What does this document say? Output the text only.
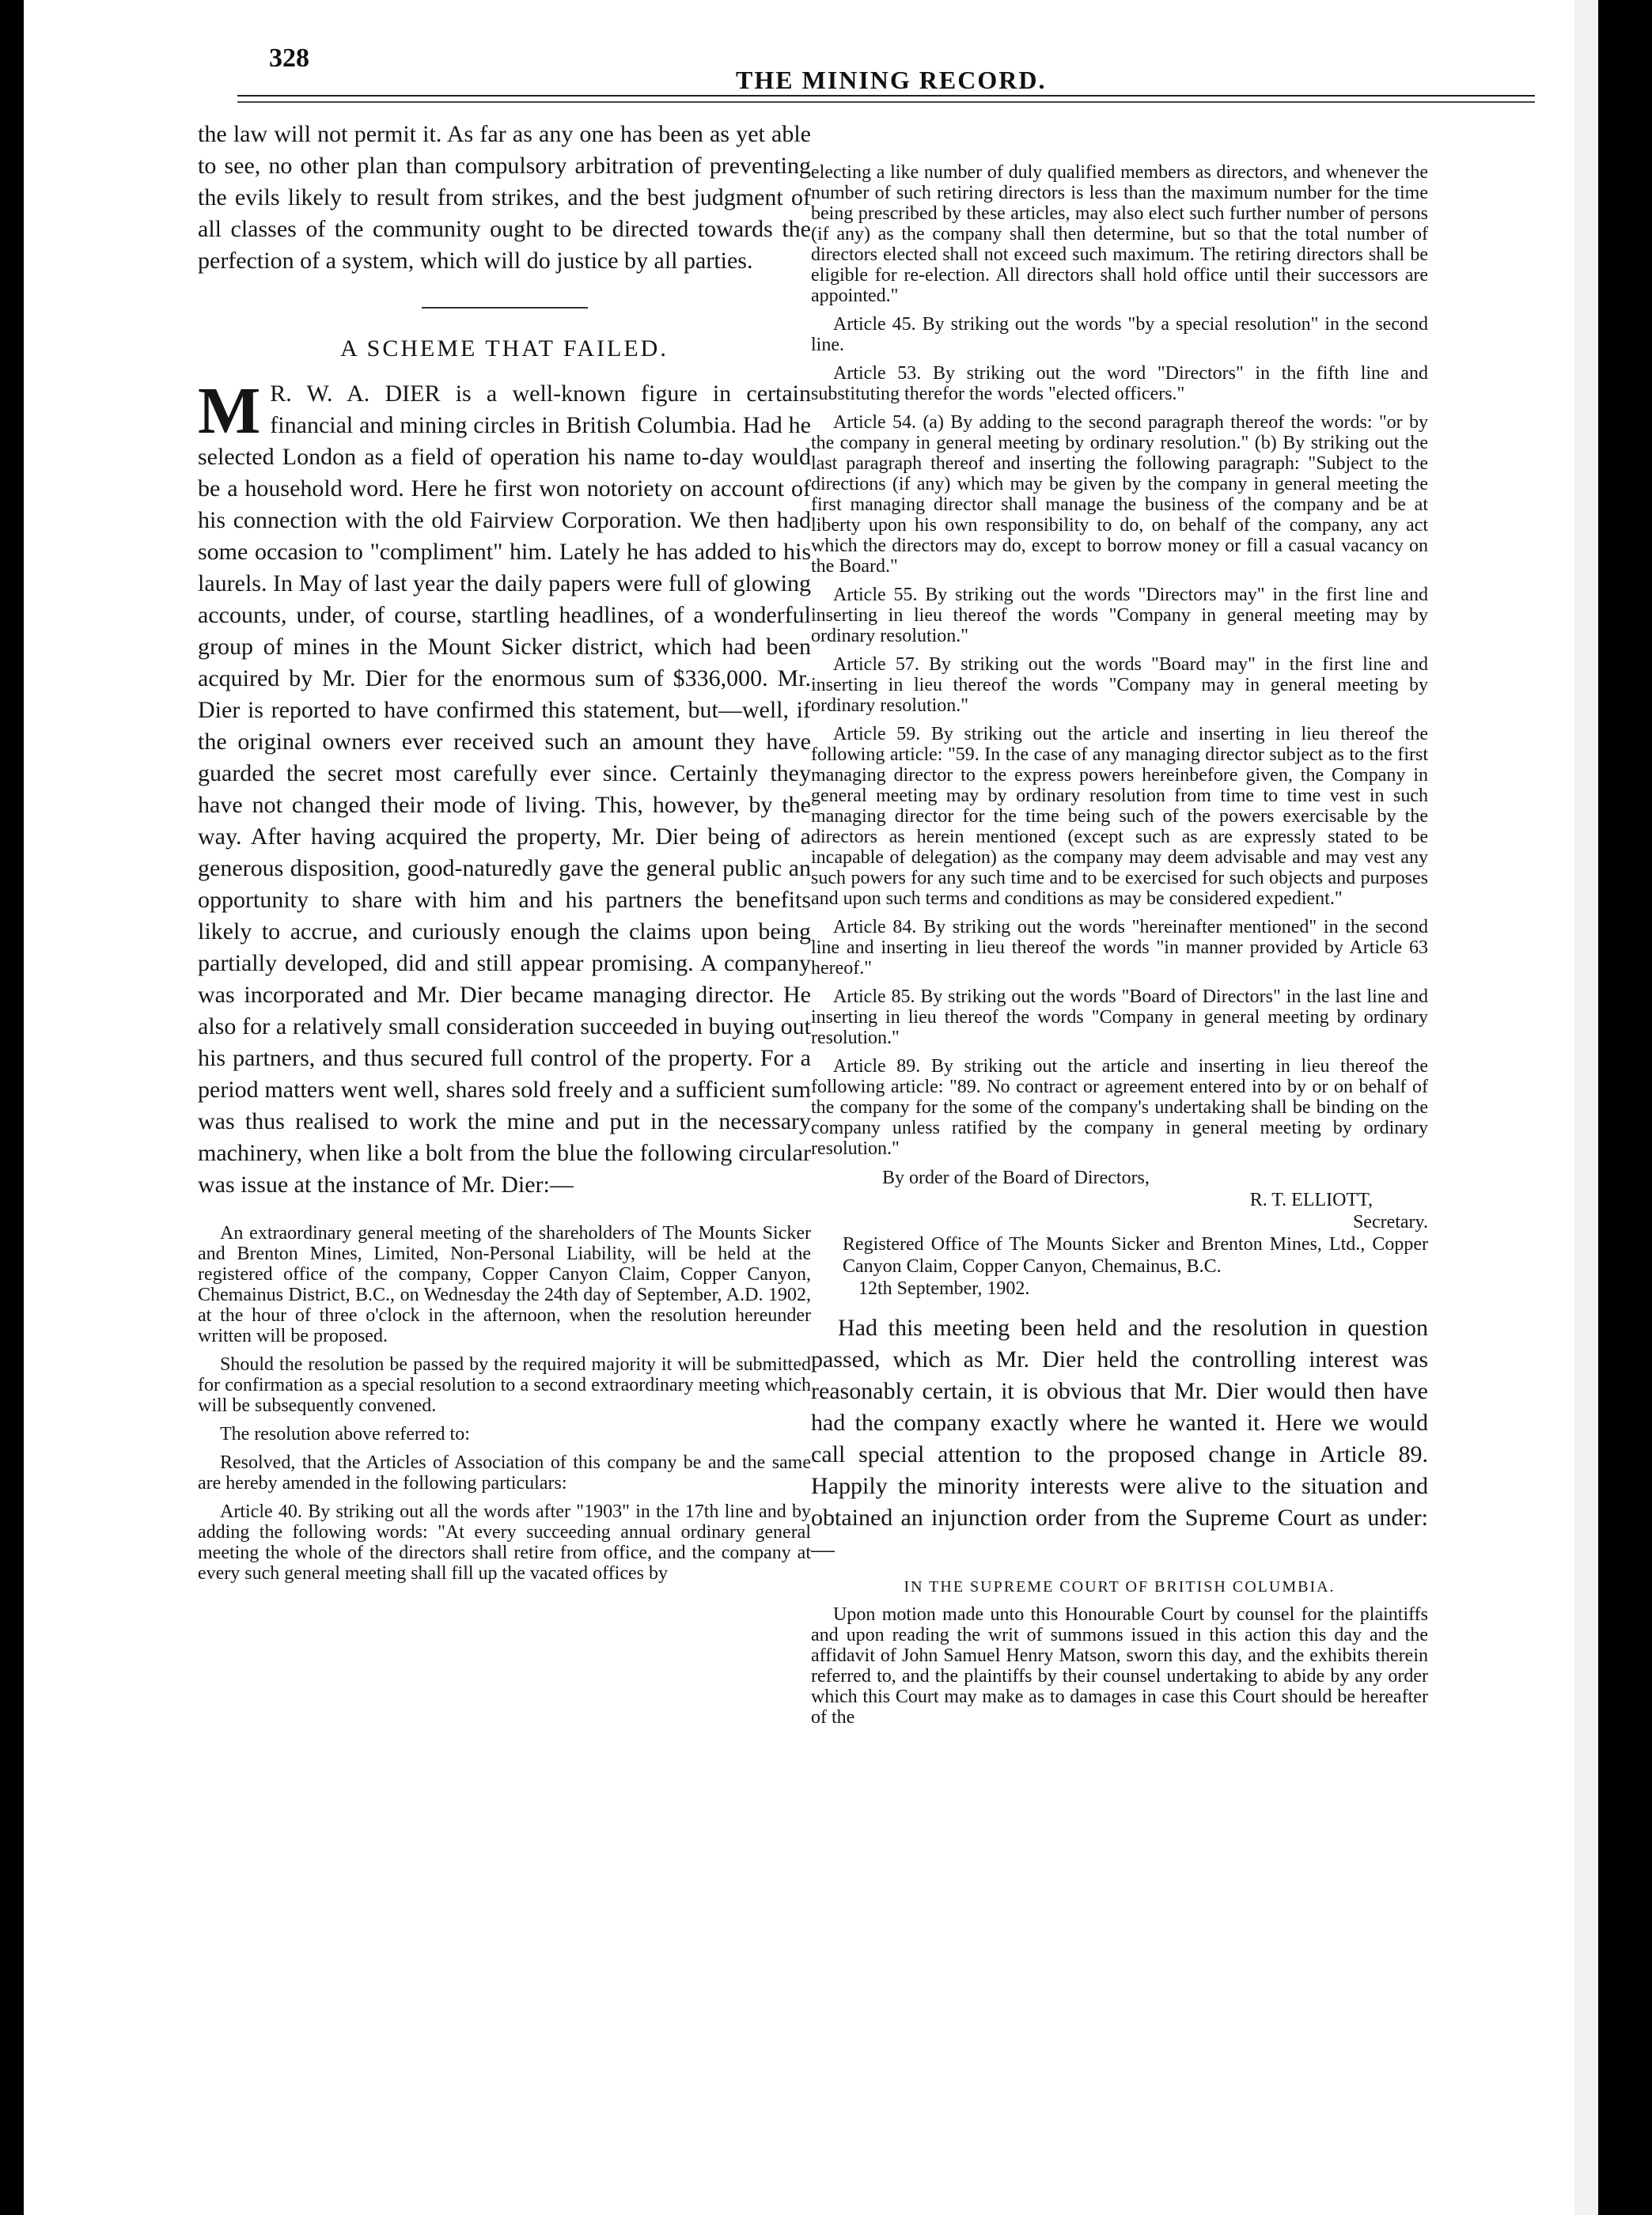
328
THE MINING RECORD.

the law will not permit it. As far as any one has been as yet able to see, no other plan than compulsory arbitration of preventing the evils likely to result from strikes, and the best judgment of all classes of the community ought to be directed towards the perfection of a system, which will do justice by all parties.

A SCHEME THAT FAILED.
M R. W. A. DIER is a well-known figure in certain financial and mining circles in British Columbia. Had he selected London as a field of operation his name to-day would be a household word. Here he first won notoriety on account of his connection with the old Fairview Corporation. We then had some occasion to "compliment" him. Lately he has added to his laurels. In May of last year the daily papers were full of glowing accounts, under, of course, startling headlines, of a wonderful group of mines in the Mount Sicker district, which had been acquired by Mr. Dier for the enormous sum of $336,000. Mr. Dier is reported to have confirmed this statement, but—well, if the original owners ever received such an amount they have guarded the secret most carefully ever since. Certainly they have not changed their mode of living. This, however, by the way. After having acquired the property, Mr. Dier being of a generous disposition, good-naturedly gave the general public an opportunity to share with him and his partners the benefits likely to accrue, and curiously enough the claims upon being partially developed, did and still appear promising. A company was incorporated and Mr. Dier became managing director. He also for a relatively small consideration succeeded in buying out his partners, and thus secured full control of the property. For a period matters went well, shares sold freely and a sufficient sum was thus realised to work the mine and put in the necessary machinery, when like a bolt from the blue the following circular was issue at the instance of Mr. Dier:—

An extraordinary general meeting of the shareholders of The Mounts Sicker and Brenton Mines, Limited, Non-Personal Liability, will be held at the registered office of the company, Copper Canyon Claim, Copper Canyon, Chemainus District, B.C., on Wednesday the 24th day of September, A.D. 1902, at the hour of three o'clock in the afternoon, when the resolution hereunder written will be proposed.

Should the resolution be passed by the required majority it will be submitted for confirmation as a special resolution to a second extraordinary meeting which will be subsequently convened.

The resolution above referred to:

Resolved, that the Articles of Association of this company be and the same are hereby amended in the following particulars:

Article 40. By striking out all the words after "1903" in the 17th line and by adding the following words: "At every succeeding annual ordinary general meeting the whole of the directors shall retire from office, and the company at every such general meeting shall fill up the vacated offices by

electing a like number of duly qualified members as directors, and whenever the number of such retiring directors is less than the maximum number for the time being prescribed by these articles, may also elect such further number of persons (if any) as the company shall then determine, but so that the total number of directors elected shall not exceed such maximum. The retiring directors shall be eligible for re-election. All directors shall hold office until their successors are appointed."

Article 45. By striking out the words "by a special resolution" in the second line.

Article 53. By striking out the word "Directors" in the fifth line and substituting therefor the words "elected officers."

Article 54. (a) By adding to the second paragraph thereof the words: "or by the company in general meeting by ordinary resolution." (b) By striking out the last paragraph thereof and inserting the following paragraph: "Subject to the directions (if any) which may be given by the company in general meeting the first managing director shall manage the business of the company and be at liberty upon his own responsibility to do, on behalf of the company, any act which the directors may do, except to borrow money or fill a casual vacancy on the Board."

Article 55. By striking out the words "Directors may" in the first line and inserting in lieu thereof the words "Company in general meeting may by ordinary resolution."

Article 57. By striking out the words "Board may" in the first line and inserting in lieu thereof the words "Company may in general meeting by ordinary resolution."

Article 59. By striking out the article and inserting in lieu thereof the following article: "59. In the case of any managing director subject as to the first managing director to the express powers hereinbefore given, the Company in general meeting may by ordinary resolution from time to time vest in such managing director for the time being such of the powers exercisable by the directors as herein mentioned (except such as are expressly stated to be incapable of delegation) as the company may deem advisable and may vest any such powers for any such time and to be exercised for such objects and purposes and upon such terms and conditions as may be considered expedient."

Article 84. By striking out the words "hereinafter mentioned" in the second line and inserting in lieu thereof the words "in manner provided by Article 63 hereof."

Article 85. By striking out the words "Board of Directors" in the last line and inserting in lieu thereof the words "Company in general meeting by ordinary resolution."

Article 89. By striking out the article and inserting in lieu thereof the following article: "89. No contract or agreement entered into by or on behalf of the company for the some of the company's undertaking shall be binding on the company unless ratified by the company in general meeting by ordinary resolution."

By order of the Board of Directors,
R. T. ELLIOTT,
Secretary.
Registered Office of The Mounts Sicker and Brenton Mines, Ltd., Copper Canyon Claim, Copper Canyon, Chemainus, B.C.
12th September, 1902.

Had this meeting been held and the resolution in question passed, which as Mr. Dier held the controlling interest was reasonably certain, it is obvious that Mr. Dier would then have had the company exactly where he wanted it. Here we would call special attention to the proposed change in Article 89. Happily the minority interests were alive to the situation and obtained an injunction order from the Supreme Court as under:—

IN THE SUPREME COURT OF BRITISH COLUMBIA.

Upon motion made unto this Honourable Court by counsel for the plaintiffs and upon reading the writ of summons issued in this action this day and the affidavit of John Samuel Henry Matson, sworn this day, and the exhibits therein referred to, and the plaintiffs by their counsel undertaking to abide by any order which this Court may make as to damages in case this Court should be hereafter of the
